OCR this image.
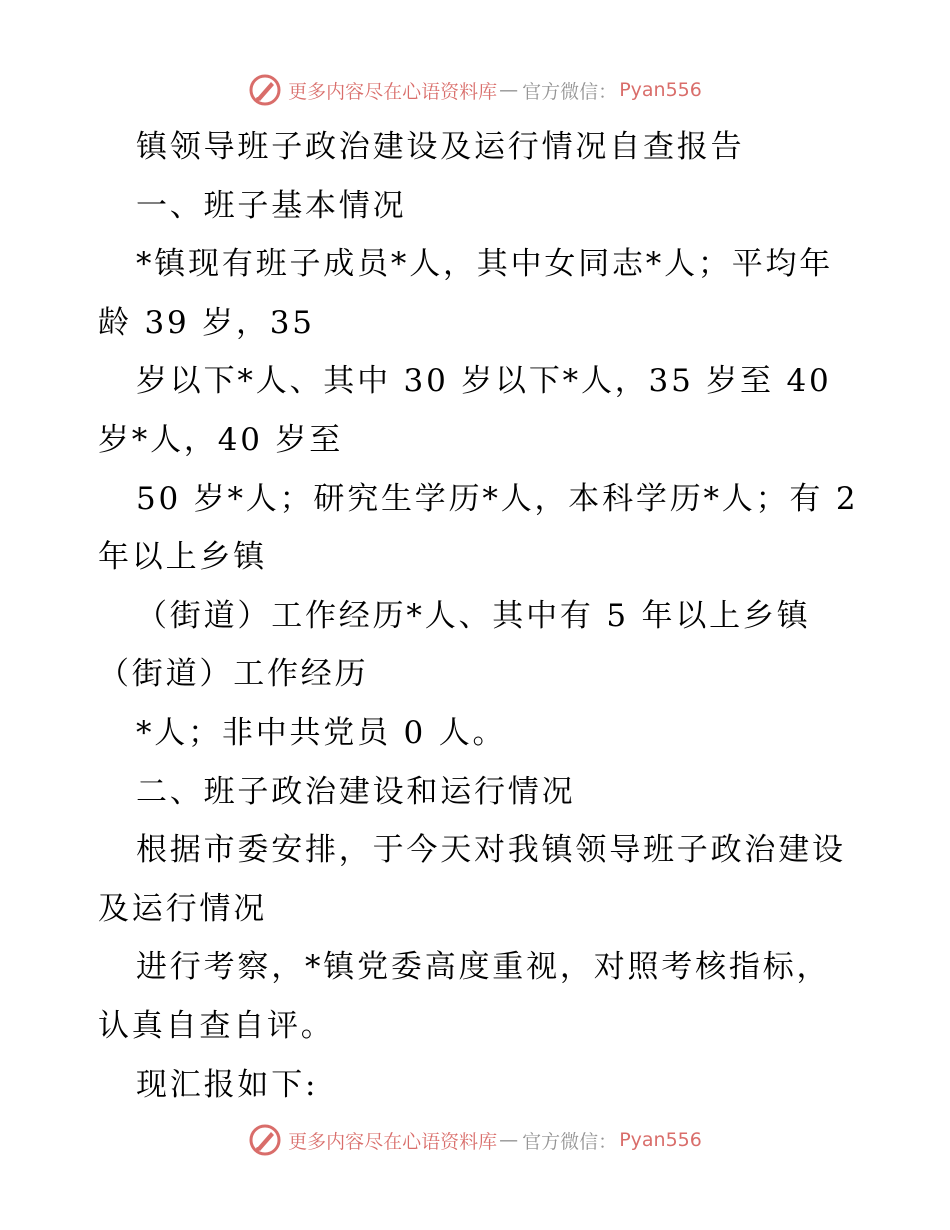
更多内容尽在心语资料库 — 官方微信： Pyan556
镇领导班子政治建设及运行情况自查报告
一、班子基本情况
*镇现有班子成员*人，其中女同志*人；平均年
龄 39 岁，35
岁以下*人、其中 30 岁以下*人，35 岁至 40
岁*人，40 岁至
50 岁*人；研究生学历*人，本科学历*人；有 2
年以上乡镇
（街道）工作经历*人、其中有 5 年以上乡镇
（街道）工作经历
*人；非中共党员 0 人。
二、班子政治建设和运行情况
根据市委安排，于今天对我镇领导班子政治建设
及运行情况
进行考察，*镇党委高度重视，对照考核指标，
认真自查自评。
现汇报如下:
更多内容尽在心语资料库 — 官方微信： Pyan556
